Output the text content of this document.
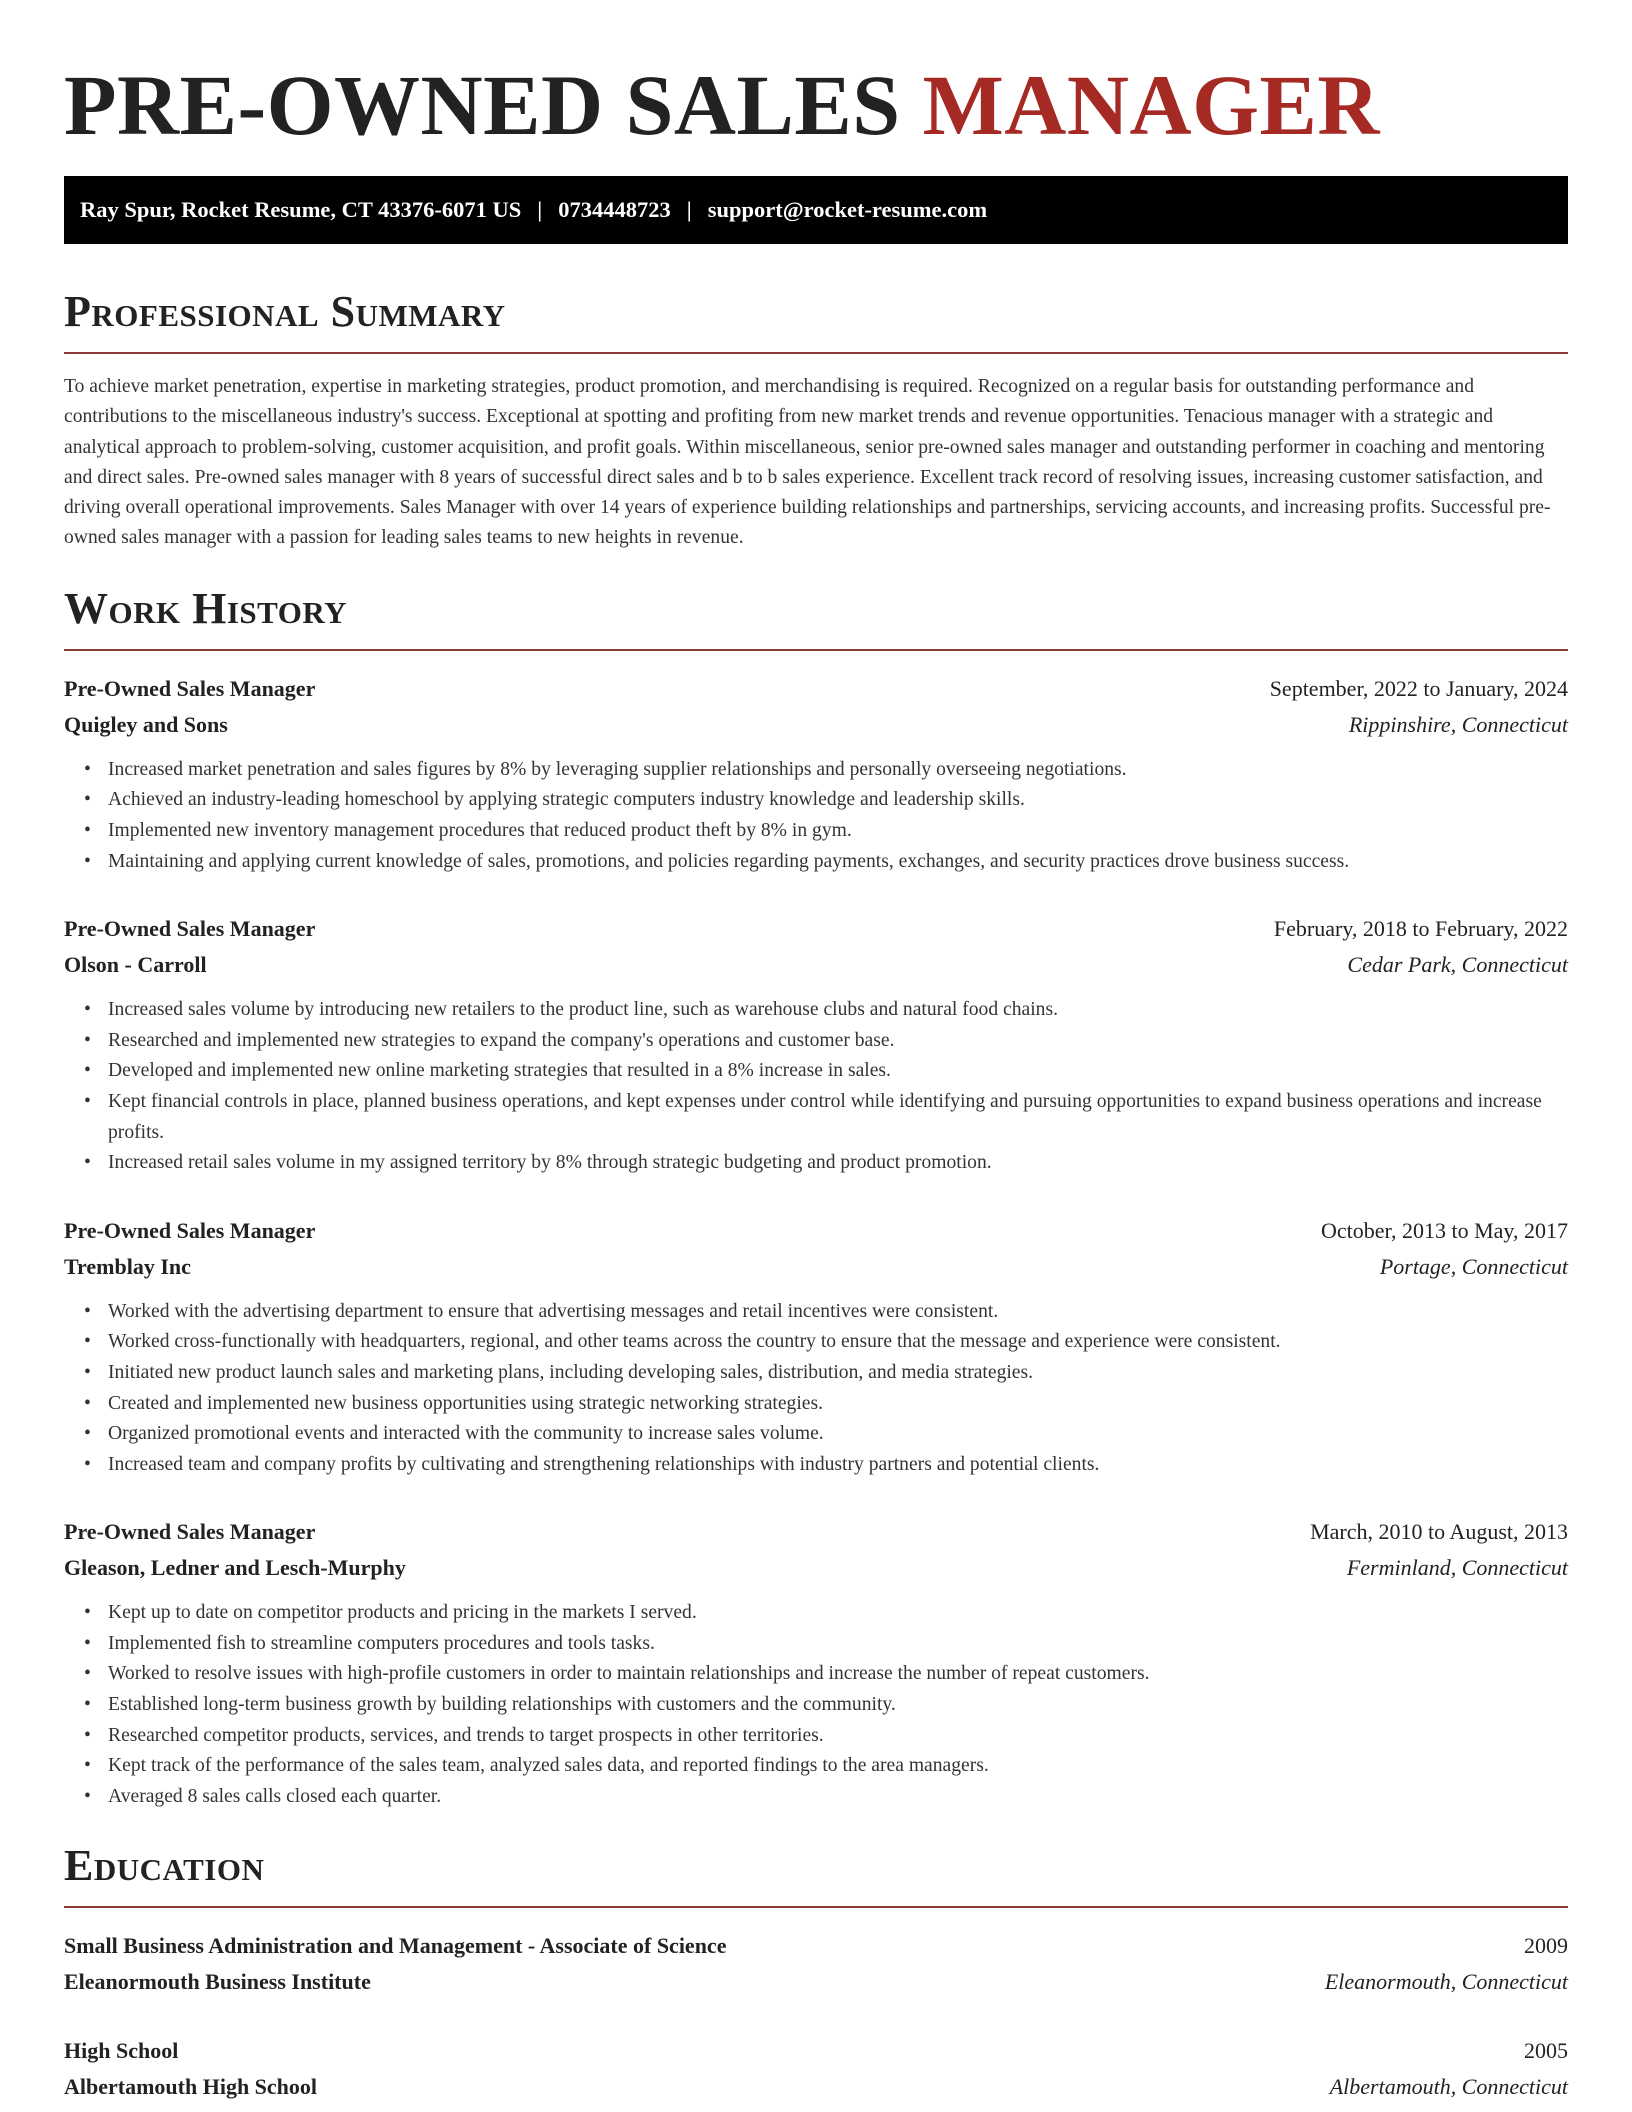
PRE-OWNED SALES MANAGER
Ray Spur, Rocket Resume, CT 43376-6071 US | 0734448723 | support@rocket-resume.com
Professional Summary
To achieve market penetration, expertise in marketing strategies, product promotion, and merchandising is required. Recognized on a regular basis for outstanding performance and contributions to the miscellaneous industry's success. Exceptional at spotting and profiting from new market trends and revenue opportunities. Tenacious manager with a strategic and analytical approach to problem-solving, customer acquisition, and profit goals. Within miscellaneous, senior pre-owned sales manager and outstanding performer in coaching and mentoring and direct sales. Pre-owned sales manager with 8 years of successful direct sales and b to b sales experience. Excellent track record of resolving issues, increasing customer satisfaction, and driving overall operational improvements. Sales Manager with over 14 years of experience building relationships and partnerships, servicing accounts, and increasing profits. Successful pre-owned sales manager with a passion for leading sales teams to new heights in revenue.
Work History
Pre-Owned Sales Manager	September, 2022 to January, 2024
Quigley and Sons	Rippinshire, Connecticut
• Increased market penetration and sales figures by 8% by leveraging supplier relationships and personally overseeing negotiations.
• Achieved an industry-leading homeschool by applying strategic computers industry knowledge and leadership skills.
• Implemented new inventory management procedures that reduced product theft by 8% in gym.
• Maintaining and applying current knowledge of sales, promotions, and policies regarding payments, exchanges, and security practices drove business success.
Pre-Owned Sales Manager	February, 2018 to February, 2022
Olson - Carroll	Cedar Park, Connecticut
• Increased sales volume by introducing new retailers to the product line, such as warehouse clubs and natural food chains.
• Researched and implemented new strategies to expand the company's operations and customer base.
• Developed and implemented new online marketing strategies that resulted in a 8% increase in sales.
• Kept financial controls in place, planned business operations, and kept expenses under control while identifying and pursuing opportunities to expand business operations and increase profits.
• Increased retail sales volume in my assigned territory by 8% through strategic budgeting and product promotion.
Pre-Owned Sales Manager	October, 2013 to May, 2017
Tremblay Inc	Portage, Connecticut
• Worked with the advertising department to ensure that advertising messages and retail incentives were consistent.
• Worked cross-functionally with headquarters, regional, and other teams across the country to ensure that the message and experience were consistent.
• Initiated new product launch sales and marketing plans, including developing sales, distribution, and media strategies.
• Created and implemented new business opportunities using strategic networking strategies.
• Organized promotional events and interacted with the community to increase sales volume.
• Increased team and company profits by cultivating and strengthening relationships with industry partners and potential clients.
Pre-Owned Sales Manager	March, 2010 to August, 2013
Gleason, Ledner and Lesch-Murphy	Ferminland, Connecticut
• Kept up to date on competitor products and pricing in the markets I served.
• Implemented fish to streamline computers procedures and tools tasks.
• Worked to resolve issues with high-profile customers in order to maintain relationships and increase the number of repeat customers.
• Established long-term business growth by building relationships with customers and the community.
• Researched competitor products, services, and trends to target prospects in other territories.
• Kept track of the performance of the sales team, analyzed sales data, and reported findings to the area managers.
• Averaged 8 sales calls closed each quarter.
Education
Small Business Administration and Management - Associate of Science	2009
Eleanormouth Business Institute	Eleanormouth, Connecticut
High School	2005
Albertamouth High School	Albertamouth, Connecticut
